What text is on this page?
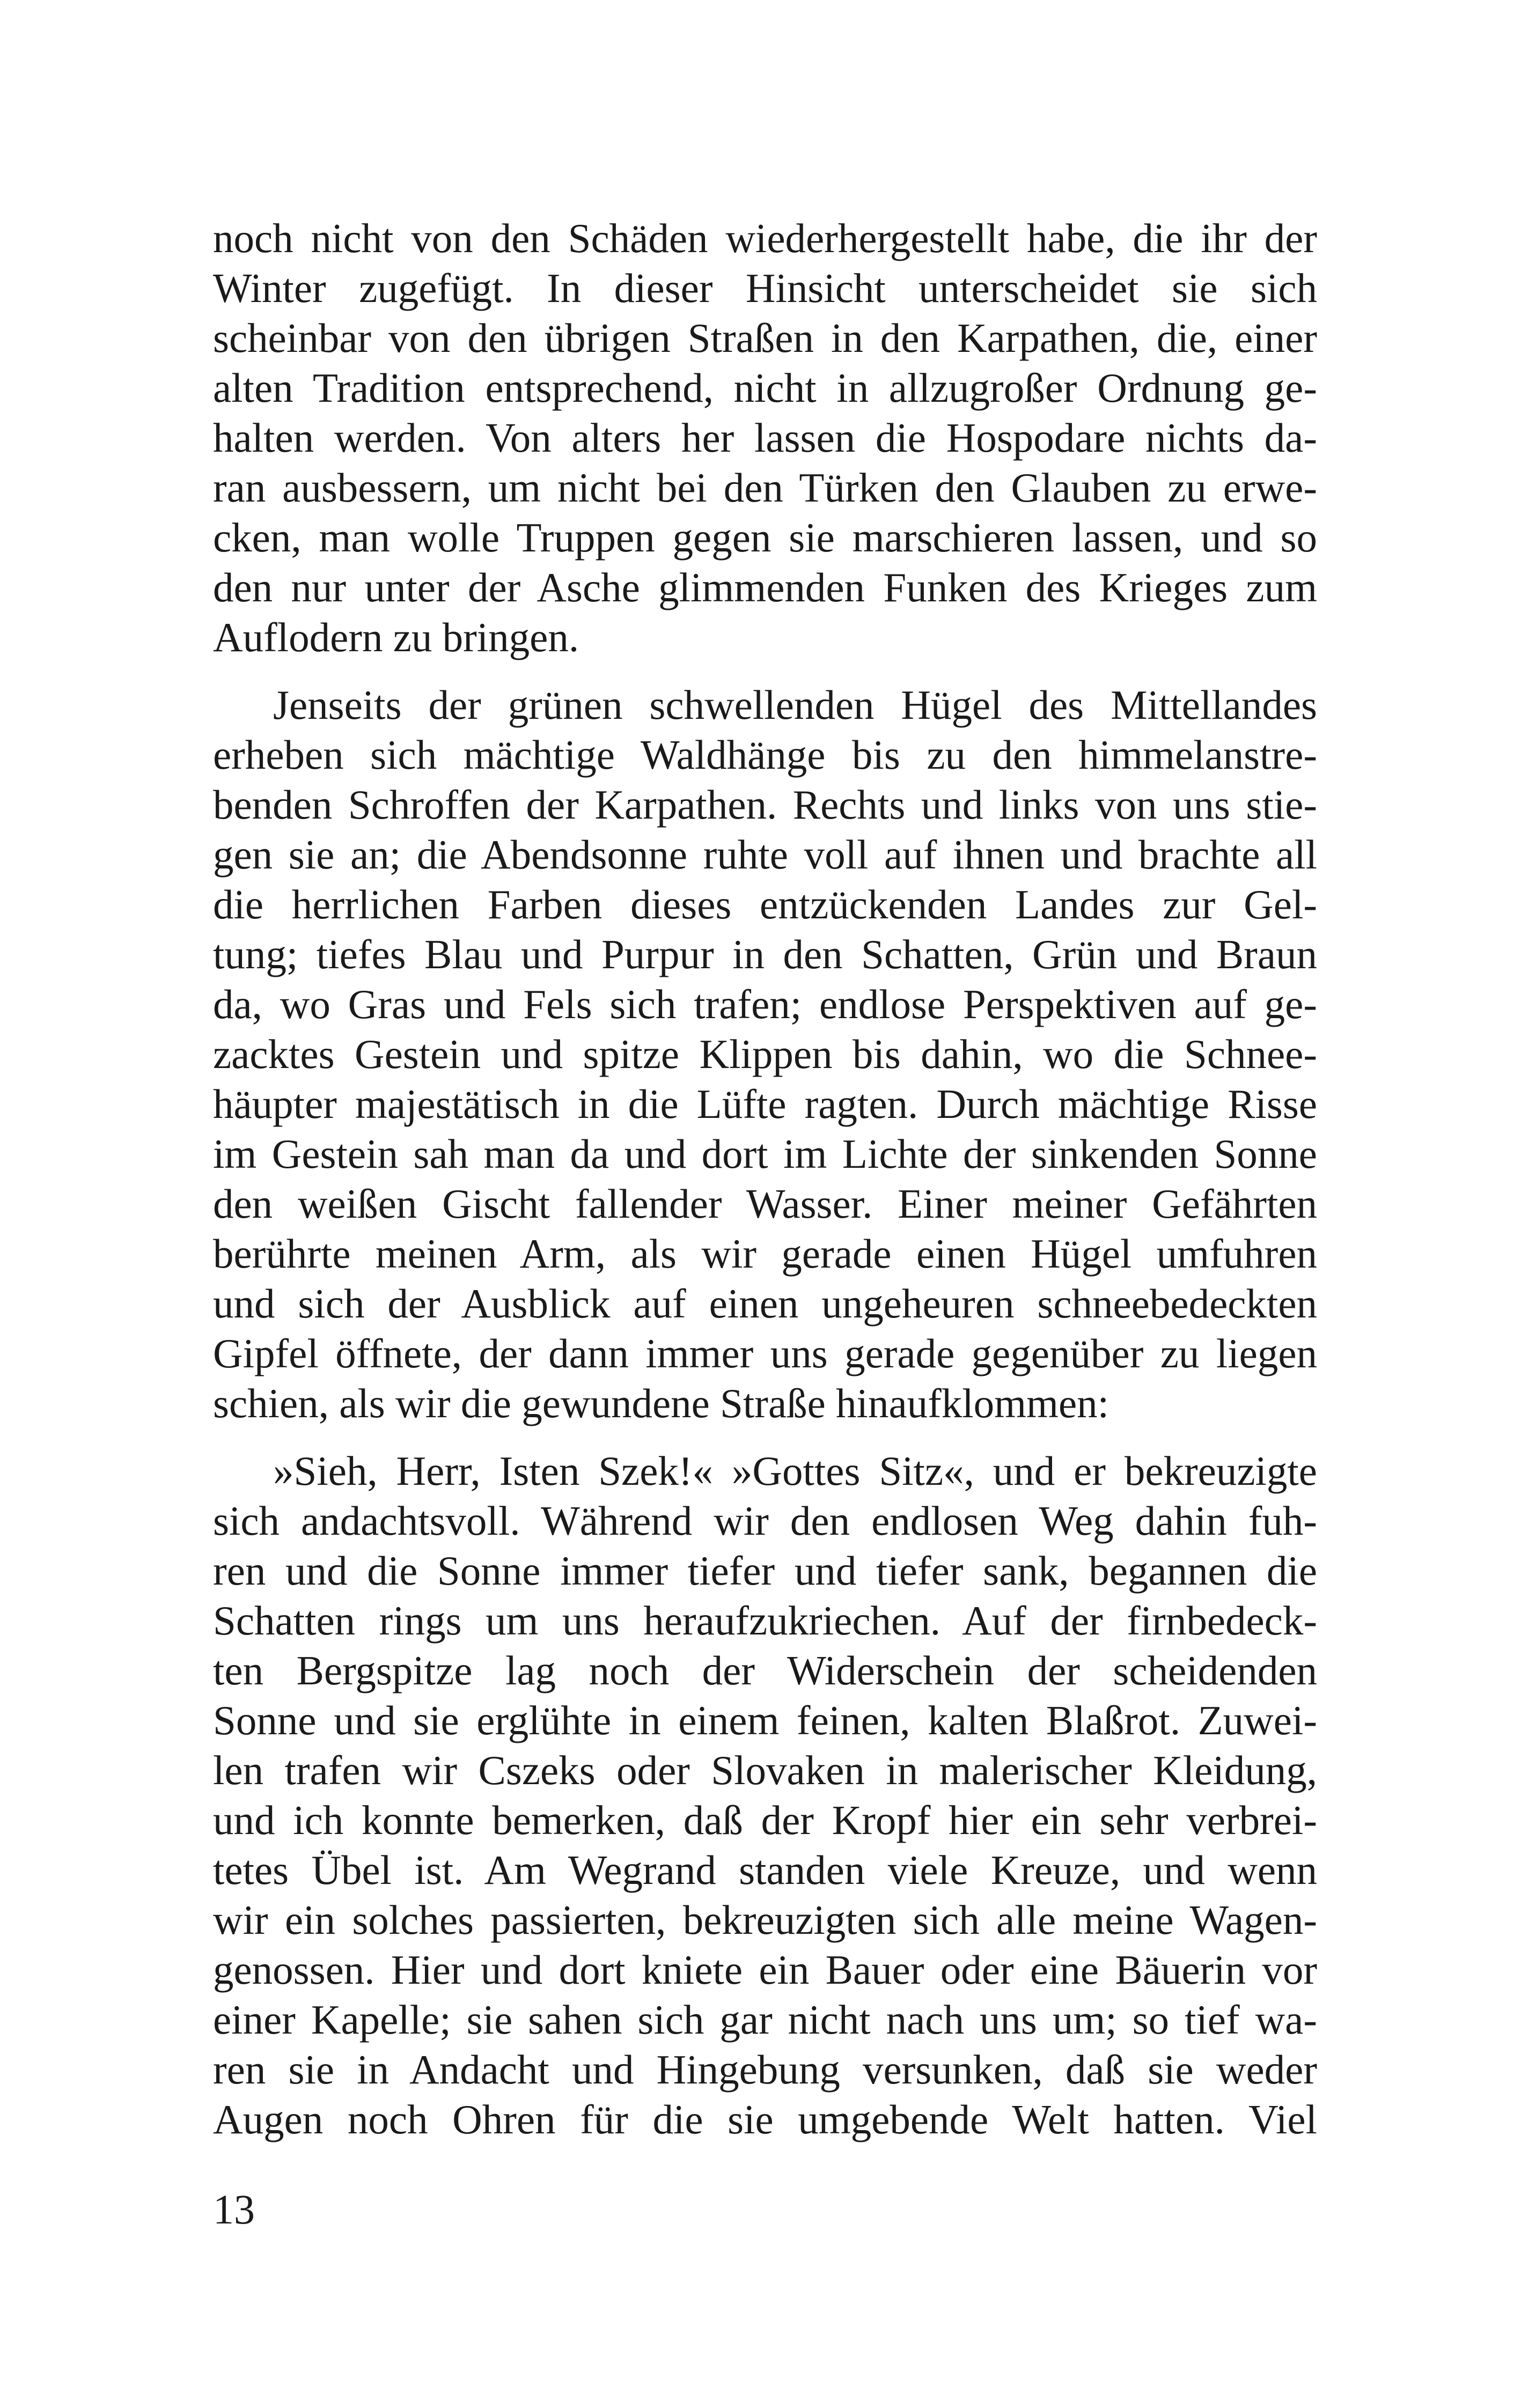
noch nicht von den Schäden wiederhergestellt habe, die ihr der
Winter zugefügt. In dieser Hinsicht unterscheidet sie sich
scheinbar von den übrigen Straßen in den Karpathen, die, einer
alten Tradition entsprechend, nicht in allzugroßer Ordnung ge-
halten werden. Von alters her lassen die Hospodare nichts da-
ran ausbessern, um nicht bei den Türken den Glauben zu erwe-
cken, man wolle Truppen gegen sie marschieren lassen, und so
den nur unter der Asche glimmenden Funken des Krieges zum
Auflodern zu bringen.
Jenseits der grünen schwellenden Hügel des Mittellandes
erheben sich mächtige Waldhänge bis zu den himmelanstre-
benden Schroffen der Karpathen. Rechts und links von uns stie-
gen sie an; die Abendsonne ruhte voll auf ihnen und brachte all
die herrlichen Farben dieses entzückenden Landes zur Gel-
tung; tiefes Blau und Purpur in den Schatten, Grün und Braun
da, wo Gras und Fels sich trafen; endlose Perspektiven auf ge-
zacktes Gestein und spitze Klippen bis dahin, wo die Schnee-
häupter majestätisch in die Lüfte ragten. Durch mächtige Risse
im Gestein sah man da und dort im Lichte der sinkenden Sonne
den weißen Gischt fallender Wasser. Einer meiner Gefährten
berührte meinen Arm, als wir gerade einen Hügel umfuhren
und sich der Ausblick auf einen ungeheuren schneebedeckten
Gipfel öffnete, der dann immer uns gerade gegenüber zu liegen
schien, als wir die gewundene Straße hinaufklommen:
»Sieh, Herr, Isten Szek!« »Gottes Sitz«, und er bekreuzigte
sich andachtsvoll. Während wir den endlosen Weg dahin fuh-
ren und die Sonne immer tiefer und tiefer sank, begannen die
Schatten rings um uns heraufzukriechen. Auf der firnbedeck-
ten Bergspitze lag noch der Widerschein der scheidenden
Sonne und sie erglühte in einem feinen, kalten Blaßrot. Zuwei-
len trafen wir Cszeks oder Slovaken in malerischer Kleidung,
und ich konnte bemerken, daß der Kropf hier ein sehr verbrei-
tetes Übel ist. Am Wegrand standen viele Kreuze, und wenn
wir ein solches passierten, bekreuzigten sich alle meine Wagen-
genossen. Hier und dort kniete ein Bauer oder eine Bäuerin vor
einer Kapelle; sie sahen sich gar nicht nach uns um; so tief wa-
ren sie in Andacht und Hingebung versunken, daß sie weder
Augen noch Ohren für die sie umgebende Welt hatten. Viel
13
